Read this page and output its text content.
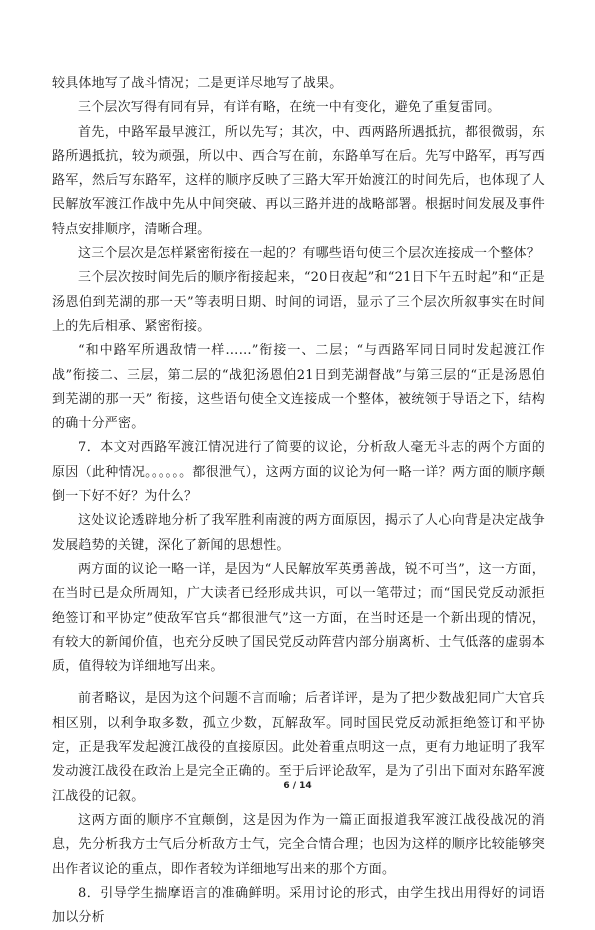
较具体地写了战斗情况；二是更详尽地写了战果。

三个层次写得有同有异，有详有略，在统一中有变化，避免了重复雷同。

首先，中路军最早渡江，所以先写；其次，中、西两路所遇抵抗，都很微弱，东路所遇抵抗，较为顽强，所以中、西合写在前，东路单写在后。先写中路军，再写西路军，然后写东路军，这样的顺序反映了三路大军开始渡江的时间先后，也体现了人民解放军渡江作战中先从中间突破、再以三路并进的战略部署。根据时间发展及事件特点安排顺序，清晰合理。

这三个层次是怎样紧密衔接在一起的？有哪些语句使三个层次连接成一个整体？

三个层次按时间先后的顺序衔接起来，“20日夜起”和“21日下午五时起”和“正是汤恩伯到芜湖的那一天”等表明日期、时间的词语，显示了三个层次所叙事实在时间上的先后相承、紧密衔接。

“和中路军所遇敌情一样……”衔接一、二层；“与西路军同日同时发起渡江作战”衔接二、三层，第二层的“战犯汤恩伯21日到芜湖督战”与第三层的“正是汤恩伯到芜湖的那一天” 衔接，这些语句使全文连接成一个整体，被统领于导语之下，结构的确十分严密。

7．本文对西路军渡江情况进行了简要的议论，分析敌人毫无斗志的两个方面的原因（此种情况。。。。。。都很泄气），这两方面的议论为何一略一详？两方面的顺序颠倒一下好不好？为什么？

这处议论透辟地分析了我军胜利南渡的两方面原因，揭示了人心向背是决定战争发展趋势的关键，深化了新闻的思想性。

两方面的议论一略一详，是因为“人民解放军英勇善战，锐不可当”，这一方面，在当时已是众所周知，广大读者已经形成共识，可以一笔带过；而“国民党反动派拒绝签订和平协定”使敌军官兵“都很泄气”这一方面，在当时还是一个新出现的情况，有较大的新闻价值，也充分反映了国民党反动阵营内部分崩离析、士气低落的虚弱本质，值得较为详细地写出来。

前者略议，是因为这个问题不言而喻；后者详评，是为了把少数战犯同广大官兵相区别，以利争取多数，孤立少数，瓦解敌军。同时国民党反动派拒绝签订和平协定，正是我军发起渡江战役的直接原因。此处着重点明这一点，更有力地证明了我军发动渡江战役在政治上是完全正确的。至于后评论敌军，是为了引出下面对东路军渡江战役的记叙。

这两方面的顺序不宜颠倒，这是因为作为一篇正面报道我军渡江战役战况的消息，先分析我方士气后分析敌方士气，完全合情合理；也因为这样的顺序比较能够突出作者议论的重点，即作者较为详细地写出来的那个方面。

8．引导学生揣摩语言的准确鲜明。采用讨论的形式，由学生找出用得好的词语加以分析

6 / 14
